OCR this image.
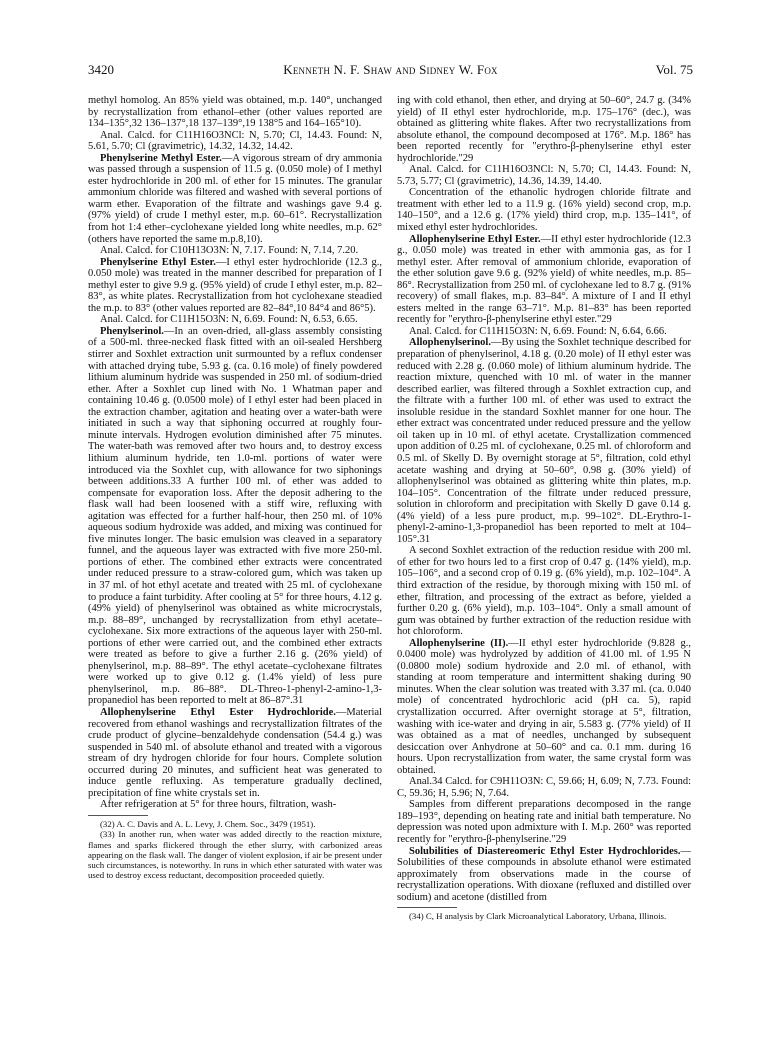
3420	Kenneth N. F. Shaw and Sidney W. Fox	Vol. 75

methyl homolog. An 85% yield was obtained, m.p. 140°, unchanged by recrystallization from ethanol–ether (other values reported are 134–135°,32 136–137°,18 137–139°,19 138°5 and 164–165°10).

Anal. Calcd. for C11H16O3NCl: N, 5.70; Cl, 14.43. Found: N, 5.61, 5.70; Cl (gravimetric), 14.32, 14.32, 14.42.

Phenylserine Methyl Ester.—A vigorous stream of dry ammonia was passed through a suspension of 11.5 g. (0.050 mole) of I methyl ester hydrochloride in 200 ml. of ether for 15 minutes. The granular ammonium chloride was filtered and washed with several portions of warm ether. Evaporation of the filtrate and washings gave 9.4 g. (97% yield) of crude I methyl ester, m.p. 60–61°. Recrystallization from hot 1:4 ether–cyclohexane yielded long white needles, m.p. 62° (others have reported the same m.p.8,10).

Anal. Calcd. for C10H13O3N: N, 7.17. Found: N, 7.14, 7.20.

Phenylserine Ethyl Ester.—I ethyl ester hydrochloride (12.3 g., 0.050 mole) was treated in the manner described for preparation of I methyl ester to give 9.9 g. (95% yield) of crude I ethyl ester, m.p. 82–83°, as white plates. Recrystallization from hot cyclohexane steadied the m.p. to 83° (other values reported are 82–84°,10 84°4 and 86°5).

Anal. Calcd. for C11H15O3N: N, 6.69. Found: N, 6.53, 6.65.

Phenylserinol.—In an oven-dried, all-glass assembly consisting of a 500-ml. three-necked flask fitted with an oil-sealed Hershberg stirrer and Soxhlet extraction unit surmounted by a reflux condenser with attached drying tube, 5.93 g. (ca. 0.16 mole) of finely powdered lithium aluminum hydride was suspended in 250 ml. of sodium-dried ether. After a Soxhlet cup lined with No. 1 Whatman paper and containing 10.46 g. (0.0500 mole) of I ethyl ester had been placed in the extraction chamber, agitation and heating over a water-bath were initiated in such a way that siphoning occurred at roughly four-minute intervals. Hydrogen evolution diminished after 75 minutes. The water-bath was removed after two hours and, to destroy excess lithium aluminum hydride, ten 1.0-ml. portions of water were introduced via the Soxhlet cup, with allowance for two siphonings between additions.33 A further 100 ml. of ether was added to compensate for evaporation loss. After the deposit adhering to the flask wall had been loosened with a stiff wire, refluxing with agitation was effected for a further half-hour, then 250 ml. of 10% aqueous sodium hydroxide was added, and mixing was continued for five minutes longer. The basic emulsion was cleaved in a separatory funnel, and the aqueous layer was extracted with five more 250-ml. portions of ether. The combined ether extracts were concentrated under reduced pressure to a straw-colored gum, which was taken up in 37 ml. of hot ethyl acetate and treated with 25 ml. of cyclohexane to produce a faint turbidity. After cooling at 5° for three hours, 4.12 g. (49% yield) of phenylserinol was obtained as white microcrystals, m.p. 88–89°, unchanged by recrystallization from ethyl acetate–cyclohexane. Six more extractions of the aqueous layer with 250-ml. portions of ether were carried out, and the combined ether extracts were treated as before to give a further 2.16 g. (26% yield) of phenylserinol, m.p. 88–89°. The ethyl acetate–cyclohexane filtrates were worked up to give 0.12 g. (1.4% yield) of less pure phenylserinol, m.p. 86–88°. DL-Threo-1-phenyl-2-amino-1,3-propanediol has been reported to melt at 86–87°.31

Allophenylserine Ethyl Ester Hydrochloride.—Material recovered from ethanol washings and recrystallization filtrates of the crude product of glycine–benzaldehyde condensation (54.4 g.) was suspended in 540 ml. of absolute ethanol and treated with a vigorous stream of dry hydrogen chloride for four hours. Complete solution occurred during 20 minutes, and sufficient heat was generated to induce gentle refluxing. As temperature gradually declined, precipitation of fine white crystals set in.

After refrigeration at 5° for three hours, filtration, wash-

(32) A. C. Davis and A. L. Levy, J. Chem. Soc., 3479 (1951).

(33) In another run, when water was added directly to the reaction mixture, flames and sparks flickered through the ether slurry, with carbonized areas appearing on the flask wall. The danger of violent explosion, if air be present under such circumstances, is noteworthy. In runs in which ether saturated with water was used to destroy excess reductant, decomposition proceeded quietly.

ing with cold ethanol, then ether, and drying at 50–60°, 24.7 g. (34% yield) of II ethyl ester hydrochloride, m.p. 175–176° (dec.), was obtained as glittering white flakes. After two recrystallizations from absolute ethanol, the compound decomposed at 176°. M.p. 186° has been reported recently for "erythro-β-phenylserine ethyl ester hydrochloride."29

Anal. Calcd. for C11H16O3NCl: N, 5.70; Cl, 14.43. Found: N, 5.73, 5.77; Cl (gravimetric), 14.36, 14.39, 14.40.

Concentration of the ethanolic hydrogen chloride filtrate and treatment with ether led to a 11.9 g. (16% yield) second crop, m.p. 140–150°, and a 12.6 g. (17% yield) third crop, m.p. 135–141°, of mixed ethyl ester hydrochlorides.

Allophenylserine Ethyl Ester.—II ethyl ester hydrochloride (12.3 g., 0.050 mole) was treated in ether with ammonia gas, as for I methyl ester. After removal of ammonium chloride, evaporation of the ether solution gave 9.6 g. (92% yield) of white needles, m.p. 85–86°. Recrystallization from 250 ml. of cyclohexane led to 8.7 g. (91% recovery) of small flakes, m.p. 83–84°. A mixture of I and II ethyl esters melted in the range 63–71°. M.p. 81–83° has been reported recently for "erythro-β-phenylserine ethyl ester."29

Anal. Calcd. for C11H15O3N: N, 6.69. Found: N, 6.64, 6.66.

Allophenylserinol.—By using the Soxhlet technique described for preparation of phenylserinol, 4.18 g. (0.20 mole) of II ethyl ester was reduced with 2.28 g. (0.060 mole) of lithium aluminum hydride. The reaction mixture, quenched with 10 ml. of water in the manner described earlier, was filtered through a Soxhlet extraction cup, and the filtrate with a further 100 ml. of ether was used to extract the insoluble residue in the standard Soxhlet manner for one hour. The ether extract was concentrated under reduced pressure and the yellow oil taken up in 10 ml. of ethyl acetate. Crystallization commenced upon addition of 0.25 ml. of cyclohexane, 0.25 ml. of chloroform and 0.5 ml. of Skelly D. By overnight storage at 5°, filtration, cold ethyl acetate washing and drying at 50–60°, 0.98 g. (30% yield) of allophenylserinol was obtained as glittering white thin plates, m.p. 104–105°. Concentration of the filtrate under reduced pressure, solution in chloroform and precipitation with Skelly D gave 0.14 g. (4% yield) of a less pure product, m.p. 99–102°. DL-Erythro-1-phenyl-2-amino-1,3-propanediol has been reported to melt at 104–105°.31

A second Soxhlet extraction of the reduction residue with 200 ml. of ether for two hours led to a first crop of 0.47 g. (14% yield), m.p. 105–106°, and a second crop of 0.19 g. (6% yield), m.p. 102–104°. A third extraction of the residue, by thorough mixing with 150 ml. of ether, filtration, and processing of the extract as before, yielded a further 0.20 g. (6% yield), m.p. 103–104°. Only a small amount of gum was obtained by further extraction of the reduction residue with hot chloroform.

Allophenylserine (II).—II ethyl ester hydrochloride (9.828 g., 0.0400 mole) was hydrolyzed by addition of 41.00 ml. of 1.95 N (0.0800 mole) sodium hydroxide and 2.0 ml. of ethanol, with standing at room temperature and intermittent shaking during 90 minutes. When the clear solution was treated with 3.37 ml. (ca. 0.040 mole) of concentrated hydrochloric acid (pH ca. 5), rapid crystallization occurred. After overnight storage at 5°, filtration, washing with ice-water and drying in air, 5.583 g. (77% yield) of II was obtained as a mat of needles, unchanged by subsequent desiccation over Anhydrone at 50–60° and ca. 0.1 mm. during 16 hours. Upon recrystallization from water, the same crystal form was obtained.

Anal.34 Calcd. for C9H11O3N: C, 59.66; H, 6.09; N, 7.73. Found: C, 59.36; H, 5.96; N, 7.64.

Samples from different preparations decomposed in the range 189–193°, depending on heating rate and initial bath temperature. No depression was noted upon admixture with I. M.p. 260° was reported recently for "erythro-β-phenylserine."29

Solubilities of Diastereomeric Ethyl Ester Hydrochlorides.—Solubilities of these compounds in absolute ethanol were estimated approximately from observations made in the course of recrystallization operations. With dioxane (refluxed and distilled over sodium) and acetone (distilled from

(34) C, H analysis by Clark Microanalytical Laboratory, Urbana, Illinois.
